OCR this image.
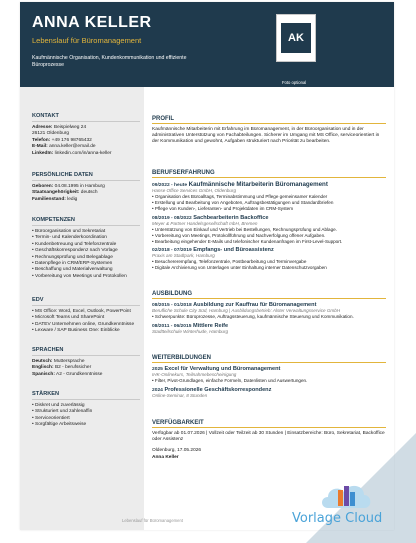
ANNA KELLER
Lebenslauf für Büromanagement
Kaufmännische Organisation, Kundenkommunikation und effiziente Büroprozesse
AK
Foto optional
KONTAKT
Adresse: Beispielweg 24
26121 Oldenburg
Telefon: +49 176 98765432
E-Mail: anna.keller@email.de
LinkedIn: linkedin.com/in/anna-keller
PERSÖNLICHE DATEN
Geboren: 04.08.1995 in Hamburg
Staatsangehörigkeit: deutsch
Familienstand: ledig
KOMPETENZEN
• Büroorganisation und Sekretariat
• Termin- und Kalenderkoordination
• Kundenbetreuung und Telefonzentrale
• Geschäftskorrespondenz nach Vorlage
• Rechnungsprüfung und Belegablage
• Datenpflege in CRM/ERP-Systemen
• Beschaffung und Materialverwaltung
• Vorbereitung von Meetings und Protokollen
EDV
• MS Office: Word, Excel, Outlook, PowerPoint
• Microsoft Teams und SharePoint
• DATEV Unternehmen online, Grundkenntnisse
• Lexware / SAP Business One: Einblicke
SPRACHEN
Deutsch: Muttersprache
Englisch: B2 - berufssicher
Spanisch: A2 - Grundkenntnisse
STÄRKEN
• Diskret und zuverlässig
• Strukturiert und zahlenaffin
• Serviceorientiert
• Sorgfältige Arbeitsweise
PROFIL
Kaufmännische Mitarbeiterin mit Erfahrung im Büromanagement, in der Büroorganisation und in der administrativen Unterstützung von Fachabteilungen. Sicherer im Umgang mit MS Office, serviceorientiert in der Kommunikation und gewohnt, Aufgaben strukturiert nach Priorität zu bearbeiten.
BERUFSERFAHRUNG
09/2022 - heute Kaufmännische Mitarbeiterin Büromanagement
Hanse Office Services GmbH, Oldenburg
• Organisation des Büroalltags, Terminabstimmung und Pflege gemeinsamer Kalender
• Erstellung und Bearbeitung von Angeboten, Auftragsbestätigungen und Standardbriefen
• Pflege von Kunden-, Lieferanten- und Projektdaten im CRM-System
08/2019 - 08/2022 Sachbearbeiterin Backoffice
Meyer & Partner Handelsgesellschaft mbH, Bremen
• Unterstützung von Einkauf und Vertrieb bei Bestellungen, Rechnungsprüfung und Ablage.
• Vorbereitung von Meetings, Protokollführung und Nachverfolgung offener Aufgaben.
• Bearbeitung eingehender E-Mails und telefonischer Kundenanfragen im First-Level-Support.
02/2018 - 07/2019 Empfangs- und Büroassistenz
Praxis am Stadtpark, Hamburg
• Besuchererempfang, Telefonzentrale, Postbearbeitung und Terminvergabe
• Digitale Archivierung von Unterlagen unter Einhaltung interner Datenschutzvorgaben
AUSBILDUNG
08/2015 - 01/2018 Ausbildung zur Kauffrau für Büromanagement
Berufliche Schule City Süd, Hamburg | Ausbildungsbetrieb: Alster Verwaltungsservice GmbH
• Schwerpunkte: Büroprozesse, Auftragssteuerung, kaufmännische Steuerung und Kommunikation.
08/2011 - 06/2015 Mittlere Reife
Stadtteilschule Winterhude, Hamburg
WEITERBILDUNGEN
2025 Excel für Verwaltung und Büromanagement
IHK-Onlinekurs, Teilnahmebescheinigung
• Filter, Pivot-Grundlagen, einfache Formeln, Datenlisten und Auswertungen.
2024 Professionelle Geschäftskorrespondenz
Online-Seminar, 8 Stunden
VERFÜGBARKEIT
Verfügbar ab 01.07.2026 | Vollzeit oder Teilzeit ab 30 Stunden | Einsatzbereiche: Büro, Sekretariat, Backoffice oder Assistenz
Oldenburg, 17.05.2026
Anna Keller
Lebenslauf für Büromanagement	Vorlage Cloud
